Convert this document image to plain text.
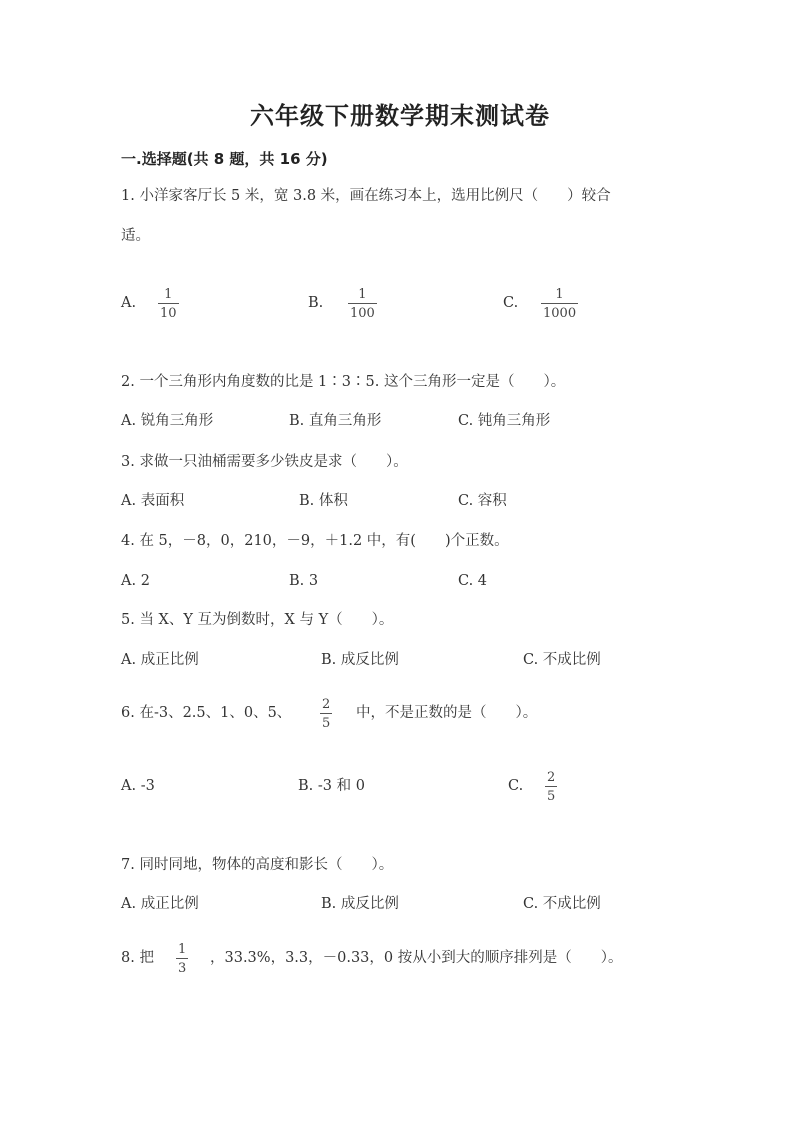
六年级下册数学期末测试卷
一.选择题(共 8 题，共 16 分)
1. 小洋家客厅长 5 米，宽 3.8 米，画在练习本上，选用比例尺（　　）较合
适。
A.
1
10
B.
1
100
C.
1
1000
2. 一个三角形内角度数的比是 1∶3∶5. 这个三角形一定是（　　）。
A. 锐角三角形	B. 直角三角形	C. 钝角三角形
3. 求做一只油桶需要多少铁皮是求（　　）。
A. 表面积	B. 体积	C. 容积
4. 在 5，－8，0，210，－9，＋1.2 中，有(　　)个正数。
A. 2	B. 3	C. 4
5. 当 X、Y 互为倒数时，X 与 Y（　　）。
A. 成正比例	B. 成反比例	C. 不成比例
6. 在-3、2.5、1、0、5、
2
5
中，不是正数的是（　　）。
A. -3	B. -3 和 0	C.
2
5
7. 同时同地，物体的高度和影长（　　）。
A. 成正比例	B. 成反比例	C. 不成比例
8. 把
1
3
，33.3%，3.3，－0.33，0 按从小到大的顺序排列是（　　）。
